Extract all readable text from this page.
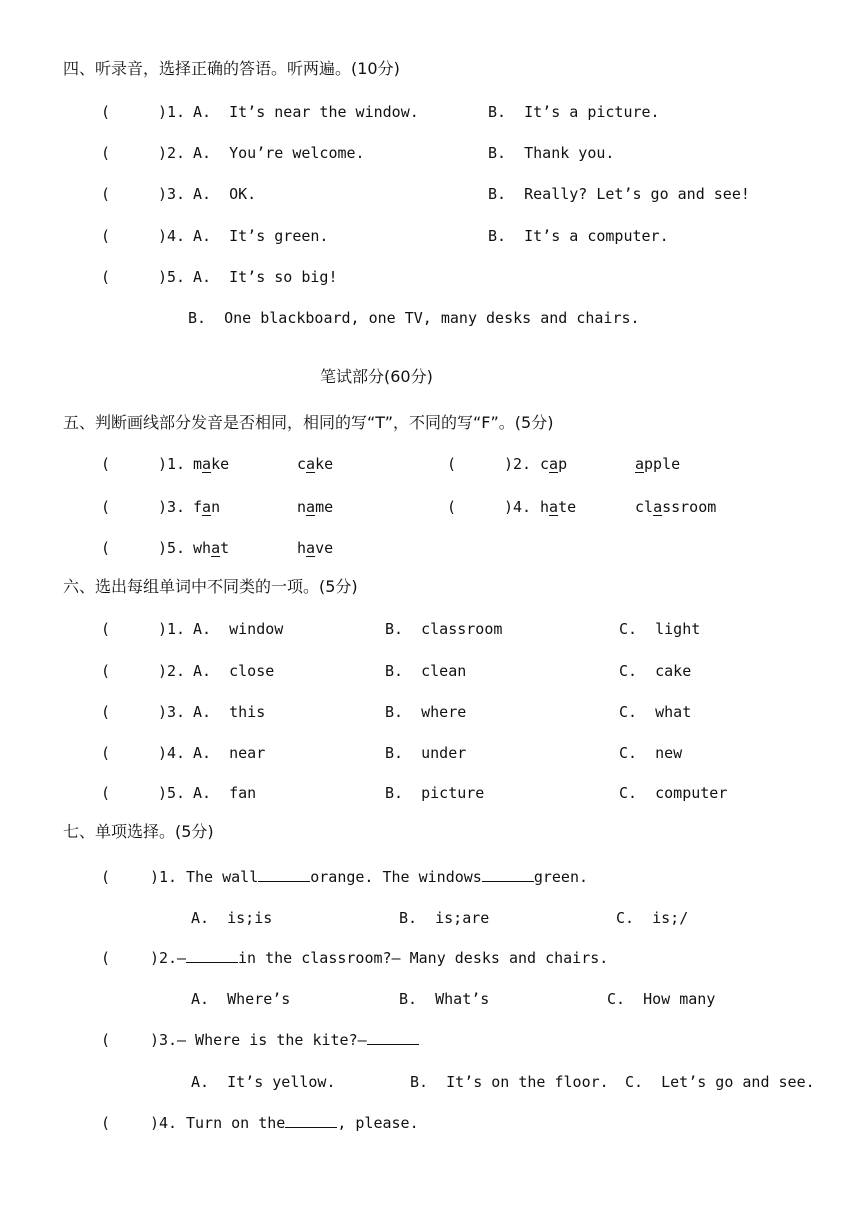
四、听录音，选择正确的答语。听两遍。(10分)
(	)1. A.  It’s near the window.	B.  It’s a picture.
(	)2. A.  You’re welcome.	B.  Thank you.
(	)3. A.  OK.	B.  Really? Let’s go and see!
(	)4. A.  It’s green.	B.  It’s a computer.
(	)5. A.  It’s so big!
B.  One blackboard, one TV, many desks and chairs.
笔试部分(60分)
五、判断画线部分发音是否相同，相同的写“T”，不同的写“F”。(5分)
(	)1. make	cake	(	)2. cap	apple
(	)3. fan	name	(	)4. hate	classroom
(	)5. what	have
六、选出每组单词中不同类的一项。(5分)
(	)1. A.  window	B.  classroom	C.  light
(	)2. A.  close	B.  clean	C.  cake
(	)3. A.  this	B.  where	C.  what
(	)4. A.  near	B.  under	C.  new
(	)5. A.  fan	B.  picture	C.  computer
七、单项选择。(5分)
(	)1. The wall	orange. The windows	green.
A.  is;is	B.  is;are	C.  is;/
(	)2. —	in the classroom?— Many desks and chairs.
A.  Where’s	B.  What’s	C.  How many
(	)3. — Where is the kite?—
A.  It’s yellow.	B.  It’s on the floor. C.  Let’s go and see.
(	)4. Turn on the	, please.
